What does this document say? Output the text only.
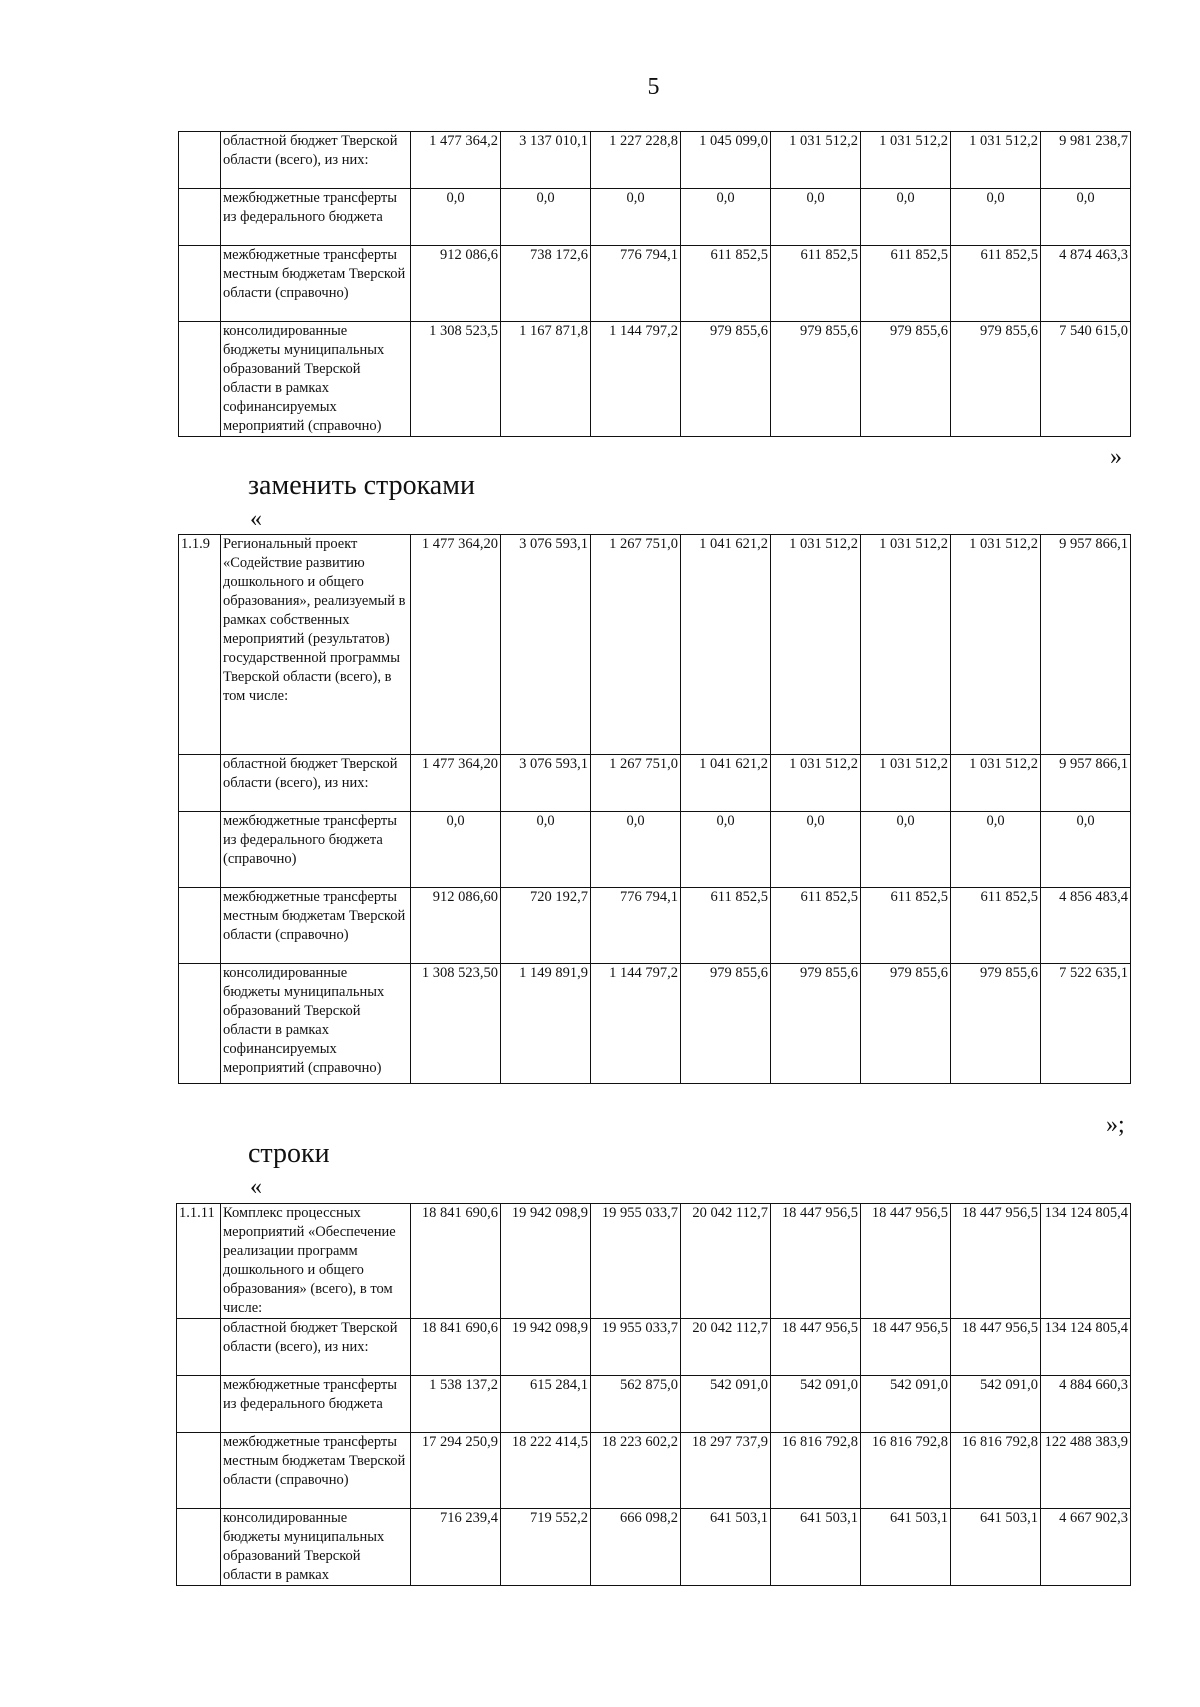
5
	областной бюджет Тверской области (всего), из них:	1 477 364,2	3 137 010,1	1 227 228,8	1 045 099,0	1 031 512,2	1 031 512,2	1 031 512,2	9 981 238,7
	межбюджетные трансферты из федерального бюджета	0,0	0,0	0,0	0,0	0,0	0,0	0,0	0,0
	межбюджетные трансферты местным бюджетам Тверской области (справочно)	912 086,6	738 172,6	776 794,1	611 852,5	611 852,5	611 852,5	611 852,5	4 874 463,3
	консолидированные бюджеты муниципальных образований Тверской области в рамках софинансируемых мероприятий (справочно)	1 308 523,5	1 167 871,8	1 144 797,2	979 855,6	979 855,6	979 855,6	979 855,6	7 540 615,0
»
заменить строками
«
1.1.9	Региональный проект «Содействие развитию дошкольного и общего образования», реализуемый в рамках собственных мероприятий (результатов) государственной программы Тверской области (всего), в том числе:	1 477 364,20	3 076 593,1	1 267 751,0	1 041 621,2	1 031 512,2	1 031 512,2	1 031 512,2	9 957 866,1
	областной бюджет Тверской области (всего), из них:	1 477 364,20	3 076 593,1	1 267 751,0	1 041 621,2	1 031 512,2	1 031 512,2	1 031 512,2	9 957 866,1
	межбюджетные трансферты из федерального бюджета (справочно)	0,0	0,0	0,0	0,0	0,0	0,0	0,0	0,0
	межбюджетные трансферты местным бюджетам Тверской области (справочно)	912 086,60	720 192,7	776 794,1	611 852,5	611 852,5	611 852,5	611 852,5	4 856 483,4
	консолидированные бюджеты муниципальных образований Тверской области в рамках софинансируемых мероприятий (справочно)	1 308 523,50	1 149 891,9	1 144 797,2	979 855,6	979 855,6	979 855,6	979 855,6	7 522 635,1
»;
строки
«
1.1.11	Комплекс процессных мероприятий «Обеспечение реализации программ дошкольного и общего образования» (всего), в том числе:	18 841 690,6	19 942 098,9	19 955 033,7	20 042 112,7	18 447 956,5	18 447 956,5	18 447 956,5	134 124 805,4
	областной бюджет Тверской области (всего), из них:	18 841 690,6	19 942 098,9	19 955 033,7	20 042 112,7	18 447 956,5	18 447 956,5	18 447 956,5	134 124 805,4
	межбюджетные трансферты из федерального бюджета	1 538 137,2	615 284,1	562 875,0	542 091,0	542 091,0	542 091,0	542 091,0	4 884 660,3
	межбюджетные трансферты местным бюджетам Тверской области (справочно)	17 294 250,9	18 222 414,5	18 223 602,2	18 297 737,9	16 816 792,8	16 816 792,8	16 816 792,8	122 488 383,9
	консолидированные бюджеты муниципальных образований Тверской области в рамках	716 239,4	719 552,2	666 098,2	641 503,1	641 503,1	641 503,1	641 503,1	4 667 902,3
